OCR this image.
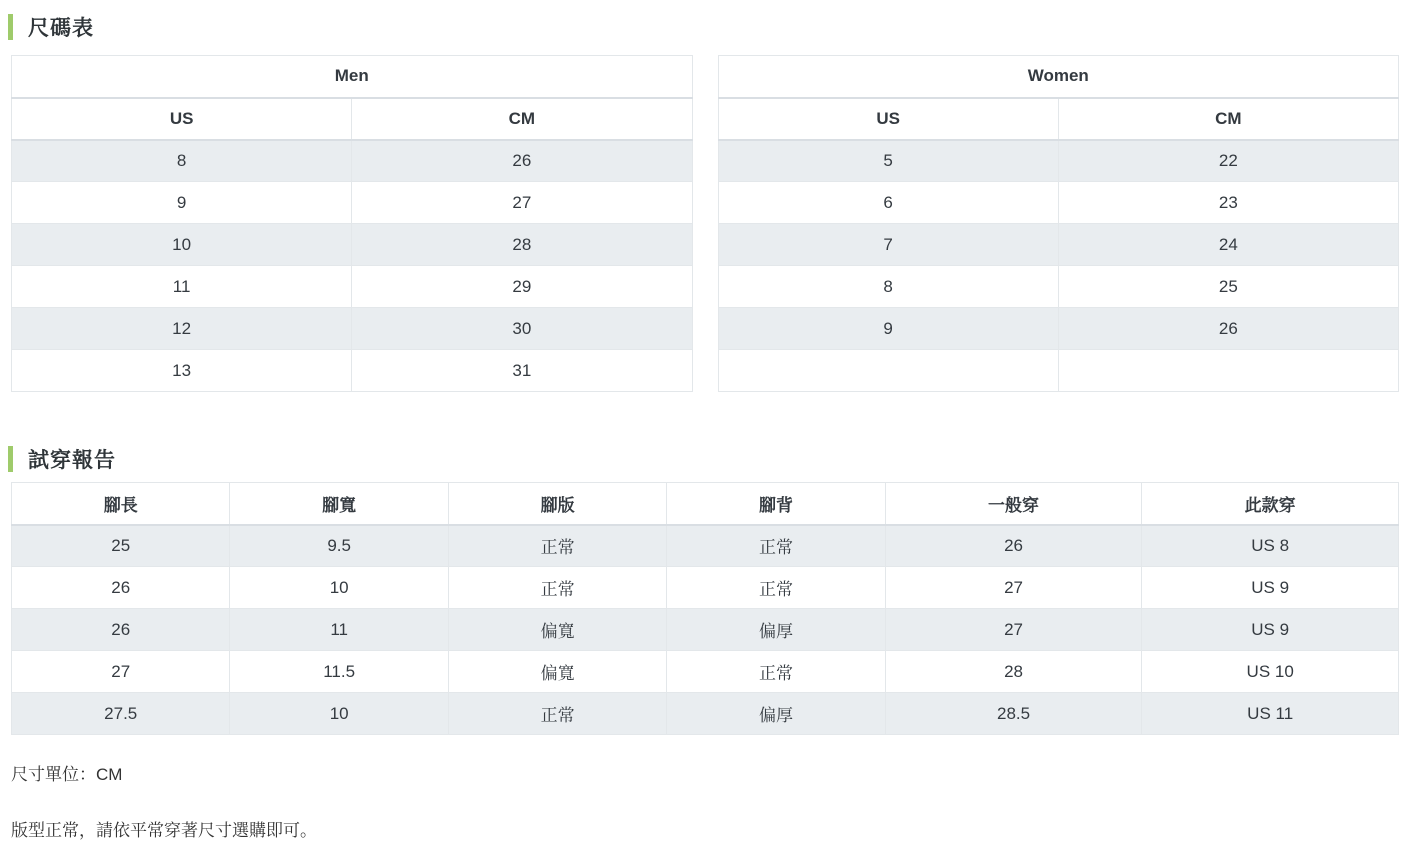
尺碼表
Men	
US	CM
8	26
9	27
10	28
11	29
12	30
13	31
Women	
US	CM
5	22
6	23
7	24
8	25
9	26

試穿報告
腳長	腳寬	腳版	腳背	一般穿	此款穿
25	9.5	正常	正常	26	US 8
26	10	正常	正常	27	US 9
26	11	偏寬	偏厚	27	US 9
27	11.5	偏寬	正常	28	US 10
27.5	10	正常	偏厚	28.5	US 11

尺寸單位：CM

版型正常，請依平常穿著尺寸選購即可。
